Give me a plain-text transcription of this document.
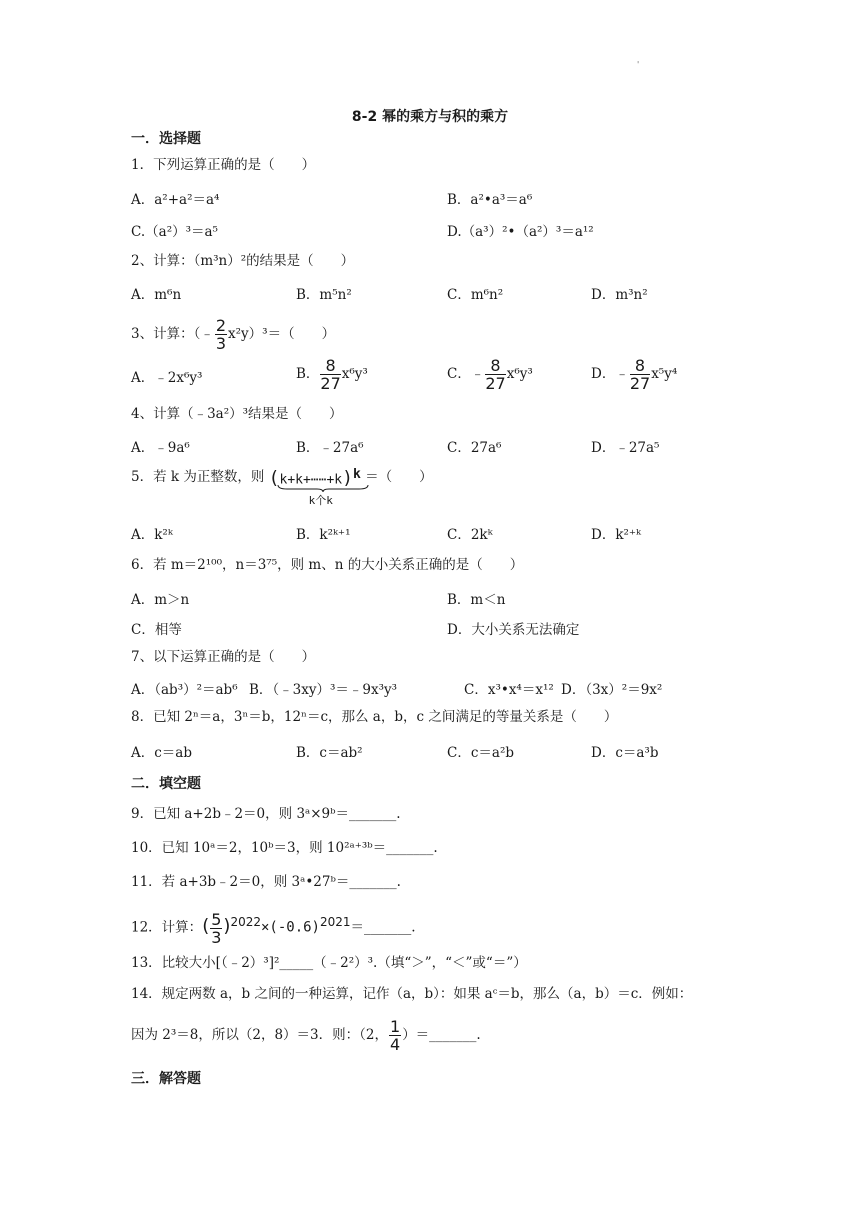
'
8-2 幂的乘方与积的乘方
一．选择题
1．下列运算正确的是（　　）
A．a²+a²＝a⁴	B．a²•a³＝a⁶
C.（a²）³＝a⁵	D.（a³）²•（a²）³＝a¹²
2、计算：（m³n）²的结果是（　　）
A．m⁶n	B．m⁵n²	C．m⁶n²	D．m³n²
3、计算：（﹣ $\frac{2}{3} x^2y)^3=$（　　）
A．﹣2x⁶y³	B． $\frac{8}{27} x^6y^3$	C．﹣ $\frac{8}{27} x^6y^3$	D．﹣ $\frac{8}{27} x^5y^4$
4、计算（﹣3a²）³结果是（　　）
A．﹣9a⁶	B．﹣27a⁶	C．27a⁶	D．﹣27a⁵
5．若 k 为正整数，则 (k+k+⋯⋯+k)$^k$
k个k
＝（　　）
A．k²ᵏ	B．k²ᵏ⁺¹	C．2kᵏ	D．k²⁺ᵏ
6．若 m＝2¹⁰⁰，n＝3⁷⁵，则 m、n 的大小关系正确的是（　　）
A．m＞n	B．m＜n
C．相等	D．大小关系无法确定
7、以下运算正确的是（　　）
A．（ab³）²＝ab⁶ B．（﹣3xy）³＝﹣9x³y³	C．x³•x⁴＝x¹² D．（3x）²＝9x²
8．已知 2ⁿ＝a，3ⁿ＝b，12ⁿ＝c，那么 a，b，c 之间满足的等量关系是（　　）
A．c＝ab	B．c＝ab²	C．c＝a²b	D．c＝a³b
二．填空题
9．已知 a+2b﹣2＝0，则 3ᵃ×9ᵇ＝_______.
10．已知 10ᵃ＝2，10ᵇ＝3，则 10²ᵃ⁺³ᵇ＝_______.
11．若 a+3b﹣2＝0，则 3ᵃ•27ᵇ＝_______.
12．计算：( $\frac{5}{3}$ )$^{2022}\times(-0.6)^{2021}=\_\_\_\_\_\_\_$.
13．比较大小[（﹣2）³]²_____（﹣2²）³.（填“＞”，“＜”或“＝”）
14．规定两数 a，b 之间的一种运算，记作（a，b）：如果 aᶜ＝b，那么（a，b）＝c．例如：
因为 2³＝8，所以（2，8）＝3．则：（2， $\frac{1}{4}$ ）＝_______.
三．解答题
